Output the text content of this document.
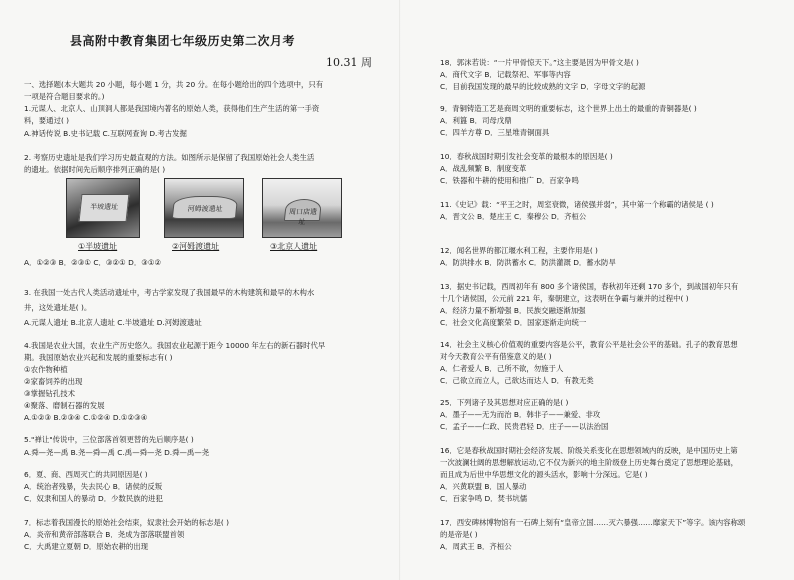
县高附中教育集团七年级历史第二次月考
10.31 周
一、选择题(本大题共 20 小题，每小题 1 分，共 20 分。在每小题给出的四个选项中，只有
一项是符合题目要求的。)
1.元谋人、北京人、山顶洞人都是我国境内著名的原始人类，获得他们生产生活的第一手资
料，要通过( )
A.神话传说 B.史书记载 C.互联网查询 D.考古发掘
2. 考察历史遗址是我们学习历史最直观的方法。如图所示是保留了我国原始社会人类生活
的遗址。依据时间先后顺序排列正确的是( )
半坡遗址	河姆渡遗址	周口店遗址
①半坡遗址	②河姆渡遗址	③北京人遗址
A．①②③ B．②③① C．③②① D．③①②
3. 在我国一处古代人类活动遗址中，考古学家发现了我国最早的木构建筑和最早的木构水
井，这处遗址是( )。
A.元谋人遗址 B.北京人遗址 C.半坡遗址 D.河姆渡遗址
4.我国是农业大国，农业生产历史悠久。我国农业起源于距今 10000 年左右的新石器时代早
期。我国原始农业兴起和发展的重要标志有( )
①农作物种植
②家畜饲养的出现
③掌握钻孔技术
④聚落、磨制石器的发展
A.①②③ B.②③④ C.①②④ D.①②③④
5."禅让"传说中，三位部落首领更替的先后顺序是( )
A.舜—尧—禹 B.尧—舜—禹 C.禹—舜—尧 D.舜—禹—尧
6．夏、商、西周灭亡的共同原因是( )
A．统治者残暴，失去民心 B．诸侯的反叛
C．奴隶和国人的暴动 D．少数民族的进犯
7．标志着我国漫长的原始社会结束，奴隶社会开始的标志是( )
A．炎帝和黄帝部落联合 B．尧成为部落联盟首领
C．大禹建立夏朝 D．原始农耕的出现
18．郭沫若说：“一片甲骨惊天下。”这主要是因为甲骨文是( )
A．商代文字 B．记载祭祀、军事等内容
C．目前我国发现的最早的比较成熟的文字 D．字母文字的起源
9．青铜铸造工艺是商周文明的重要标志，这个世界上出土的最重的青铜器是( )
A．利簋 B．司母戊鼎
C．四羊方尊 D．三星堆青铜面具
10．春秋战国时期引发社会变革的最根本的原因是( )
A．战乱频繁 B．制度变革
C．铁器和牛耕的使用和推广 D．百家争鸣
11.《史记》载：“平王之时，周室衰微，诸侯强并弱”，其中第一个称霸的诸侯是 ( )
A．晋文公 B．楚庄王 C．秦穆公 D．齐桓公
12．闻名世界的都江堰水利工程，主要作用是( )
A．防洪排水 B．防洪蓄水 C．防洪灌溉 D．蓄水防旱
13．据史书记载，西周初年有 800 多个诸侯国，春秋初年还剩 170 多个，到战国初年只有
十几个诸侯国，公元前 221 年，秦朝建立，这表明在争霸与兼并的过程中( )
A．经济力量不断增强 B．民族交融逐渐加强
C．社会文化高度繁荣 D．国家逐渐走向统一
14．社会主义核心价值观的重要内容是公平，教育公平是社会公平的基础。孔子的教育思想
对今天教育公平有借鉴意义的是( )
A．仁者爱人 B．己所不欲，勿施于人
C．己欲立而立人，己欲达而达人 D．有教无类
25．下列诸子及其思想对应正确的是( )
A．墨子——无为而治 B．韩非子——兼爱、非攻
C．孟子——仁政、民贵君轻 D．庄子——以法治国
16．它是春秋战国时期社会经济发展、阶级关系变化在思想领域内的反映，是中国历史上第
一次波澜壮阔的思想解放运动,它不仅为新兴的地主阶级登上历史舞台奠定了思想理论基础，
而且成为后世中华思想文化的源头活水，影响十分深远。它是( )
A．兴黄联盟 B．国人暴动
C．百家争鸣 D．焚书坑儒
17．西安碑林博物馆有一石碑上刻有“皇帝立国……灭六暴强……靡家天下”等字。该内容称颂
的是帝是( )
A．周武王 B．齐桓公
